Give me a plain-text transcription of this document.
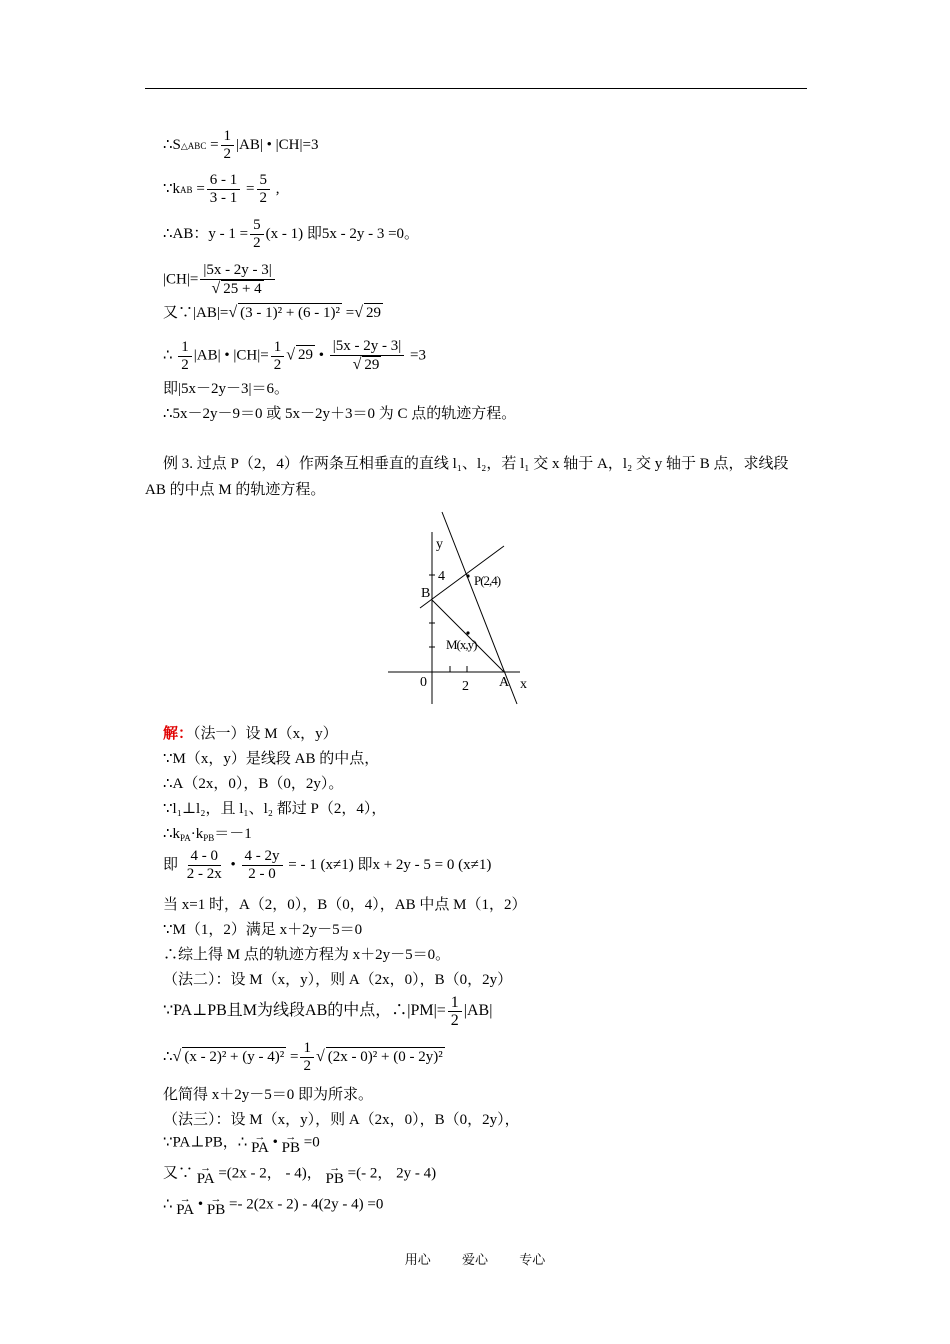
∴S△ABC = $\frac{1}{2} |AB|$ • |CH|=3
∵kAB = $\frac{6 - 1}{3 - 1} = \frac{5}{2}$ ,
∴AB：$y - 1 = \frac{5}{2} (x - 1)$ 即5x - 2y - 3 =0。
$|CH|= \frac{|5x - 2y - 3|}{√ 25 + 4}$
又∵|AB|=√ (3 - 1)² + (6 - 1)² =√ 29
∴ $\frac{1}{2} |AB|$ • $|CH|= \frac{1}{2}$ √ 29 • $\frac{|5x - 2y - 3|}{√ 29} =3$
即|5x－2y－3|＝6。
∴5x－2y－9＝0 或 5x－2y＋3＝0 为 C 点的轨迹方程。
例 3. 过点 P（2，4）作两条互相垂直的直线 l₁、l₂，若 l₁ 交 x 轴于 A，l₂ 交 y 轴于 B 点，求线段
AB 的中点 M 的轨迹方程。
y
x
4
2
0
B
A
P(2,4)
M(x,y)
解：（法一）设 M（x，y）
∵M（x，y）是线段 AB 的中点，
∴A（2x，0），B（0，2y）。
∵l₁⊥l₂，且 l₁、l₂ 都过 P（2，4），
$\therefore k_{PA}\cdot k_{PB}=-1$
即 $\frac{4 - 0}{2 - 2x}$ • $\frac{4 - 2y}{2 - 0}$ = - 1 (x≠1) 即x + 2y - 5 = 0 (x≠1)
当 x=1 时，A（2，0），B（0，4），AB 中点 M（1，2）
∵M（1，2）满足 x＋2y－5＝0
∴综上得 M 点的轨迹方程为 x＋2y－5＝0。
（法二）：设 M（x，y），则 A（2x，0），B（0，2y）
∵PA⊥PB且M为线段AB的中点，∴|PM|= $\frac{1}{2} |AB|$
∴√ $(x - 2)^2 + (y - 4)^2 = \frac{1}{2}$ √ (2x - 0)² + (0 - 2y)²
化简得 x＋2y－5＝0 即为所求。
（法三）：设 M（x，y），则 A（2x，0），B（0，2y），
∵PA⊥PB，∴ →
PA • →
PB =0
又∵ →
PA =(2x - 2， - 4)， →
PB =(- 2， 2y - 4)
∴ →
PA • →
PB =- 2(2x - 2) - 4(2y - 4) =0
用心 爱心 专心
